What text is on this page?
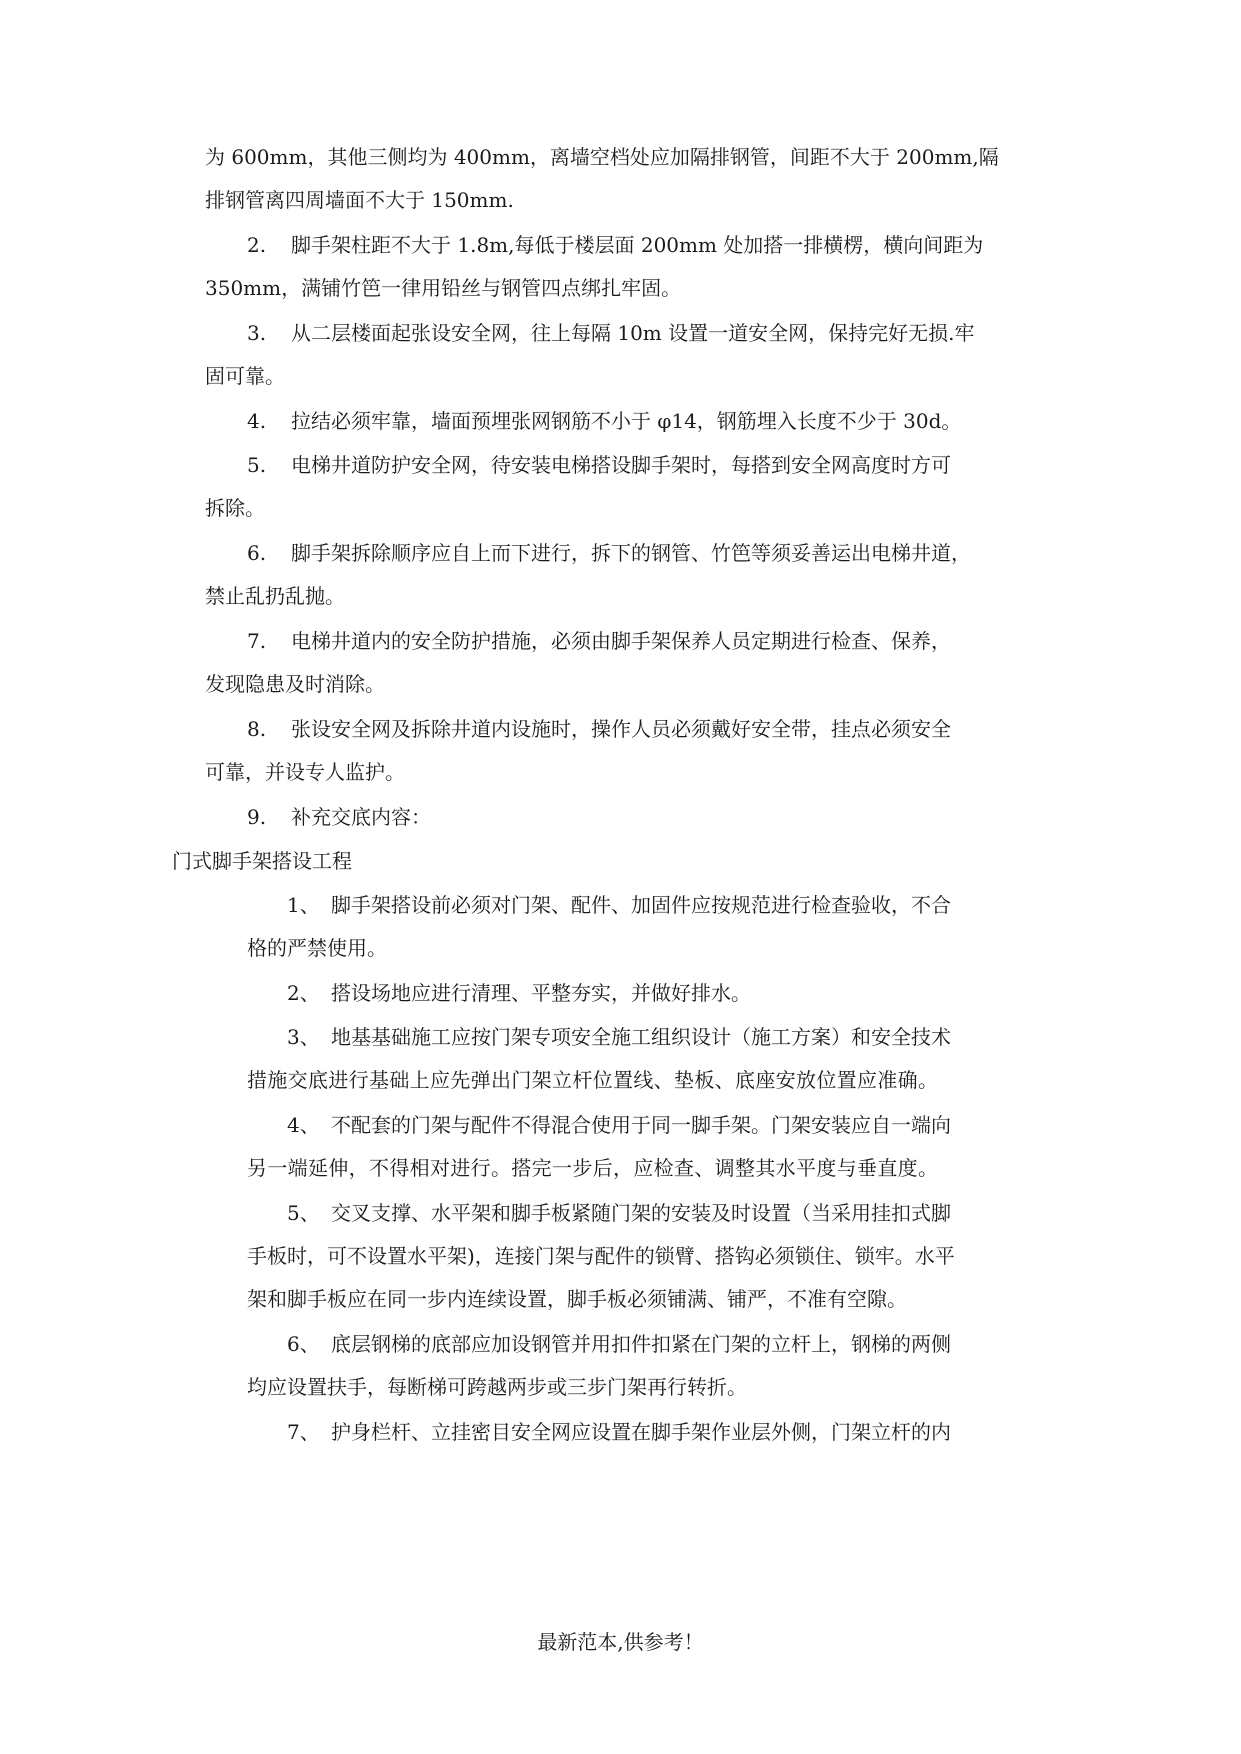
为 600mm，其他三侧均为 400mm，离墙空档处应加隔排钢管，间距不大于 200mm,隔
排钢管离四周墙面不大于 150mm.
2. 脚手架柱距不大于 1.8m,每低于楼层面 200mm 处加搭一排横楞，横向间距为
350mm，满铺竹笆一律用铅丝与钢管四点绑扎牢固。
3. 从二层楼面起张设安全网，往上每隔 10m 设置一道安全网，保持完好无损.牢
固可靠。
4. 拉结必须牢靠，墙面预埋张网钢筋不小于 φ14，钢筋埋入长度不少于 30d。
5. 电梯井道防护安全网，待安装电梯搭设脚手架时，每搭到安全网高度时方可
拆除。
6. 脚手架拆除顺序应自上而下进行，拆下的钢管、竹笆等须妥善运出电梯井道，
禁止乱扔乱抛。
7. 电梯井道内的安全防护措施，必须由脚手架保养人员定期进行检查、保养，
发现隐患及时消除。
8. 张设安全网及拆除井道内设施时，操作人员必须戴好安全带，挂点必须安全
可靠，并设专人监护。
9. 补充交底内容：
门式脚手架搭设工程
1、 脚手架搭设前必须对门架、配件、加固件应按规范进行检查验收，不合
格的严禁使用。
2、 搭设场地应进行清理、平整夯实，并做好排水。
3、 地基基础施工应按门架专项安全施工组织设计（施工方案）和安全技术
措施交底进行基础上应先弹出门架立杆位置线、垫板、底座安放位置应准确。
4、 不配套的门架与配件不得混合使用于同一脚手架。门架安装应自一端向
另一端延伸，不得相对进行。搭完一步后，应检查、调整其水平度与垂直度。
5、 交叉支撑、水平架和脚手板紧随门架的安装及时设置（当采用挂扣式脚
手板时，可不设置水平架)，连接门架与配件的锁臂、搭钩必须锁住、锁牢。水平
架和脚手板应在同一步内连续设置，脚手板必须铺满、铺严，不准有空隙。
6、 底层钢梯的底部应加设钢管并用扣件扣紧在门架的立杆上，钢梯的两侧
均应设置扶手，每断梯可跨越两步或三步门架再行转折。
7、 护身栏杆、立挂密目安全网应设置在脚手架作业层外侧，门架立杆的内
最新范本,供参考！
